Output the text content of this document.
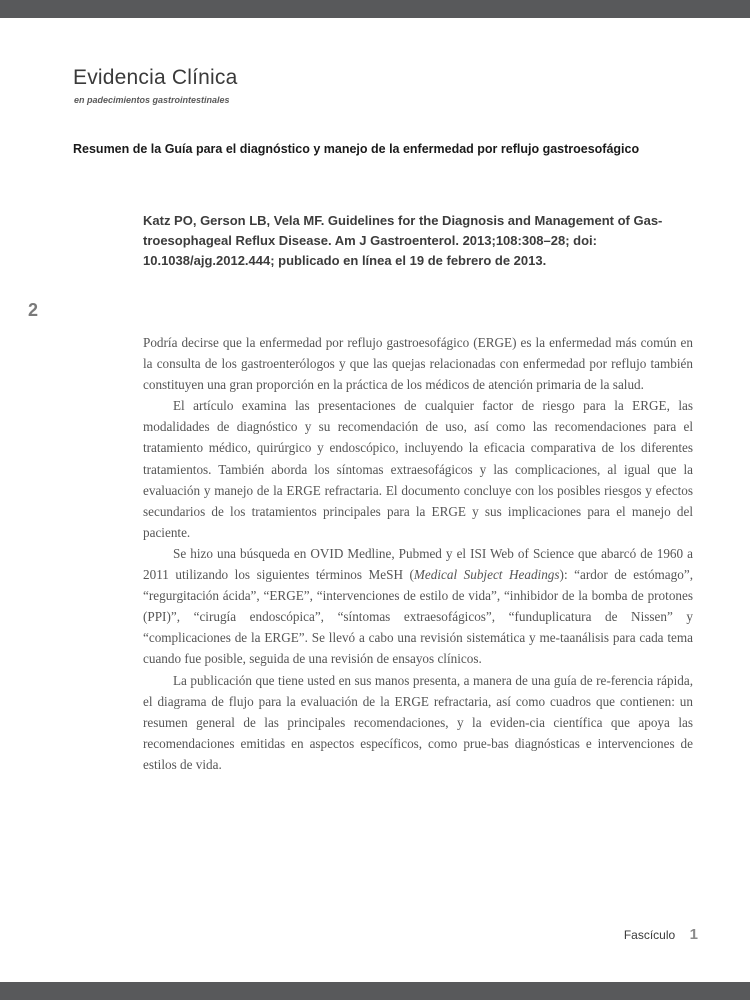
Evidencia Clínica
en padecimientos gastrointestinales
Resumen de la Guía para el diagnóstico y manejo de la enfermedad por reflujo gastroesofágico

Katz PO, Gerson LB, Vela MF. Guidelines for the Diagnosis and Management of Gas-troesophageal Reflux Disease. Am J Gastroenterol. 2013;108:308–28; doi: 10.1038/ajg.2012.444; publicado en línea el 19 de febrero de 2013.

2

Podría decirse que la enfermedad por reflujo gastroesofágico (ERGE) es la enfermedad más común en la consulta de los gastroenterólogos y que las quejas relacionadas con enfermedad por reflujo también constituyen una gran proporción en la práctica de los médicos de atención primaria de la salud.

El artículo examina las presentaciones de cualquier factor de riesgo para la ERGE, las modalidades de diagnóstico y su recomendación de uso, así como las recomendaciones para el tratamiento médico, quirúrgico y endoscópico, incluyendo la eficacia comparativa de los diferentes tratamientos. También aborda los síntomas extraesofágicos y las complicaciones, al igual que la evaluación y manejo de la ERGE refractaria. El documento concluye con los posibles riesgos y efectos secundarios de los tratamientos principales para la ERGE y sus implicaciones para el manejo del paciente.

Se hizo una búsqueda en OVID Medline, Pubmed y el ISI Web of Science que abarcó de 1960 a 2011 utilizando los siguientes términos MeSH (Medical Subject Headings): “ardor de estómago”, “regurgitación ácida”, “ERGE”, “intervenciones de estilo de vida”, “inhibidor de la bomba de protones (PPI)”, “cirugía endoscópica”, “síntomas extraesofágicos”, “funduplicatura de Nissen” y “complicaciones de la ERGE”. Se llevó a cabo una revisión sistemática y me-taanálisis para cada tema cuando fue posible, seguida de una revisión de ensayos clínicos.

La publicación que tiene usted en sus manos presenta, a manera de una guía de re-ferencia rápida, el diagrama de flujo para la evaluación de la ERGE refractaria, así como cuadros que contienen: un resumen general de las principales recomendaciones, y la eviden-cia científica que apoya las recomendaciones emitidas en aspectos específicos, como prue-bas diagnósticas e intervenciones de estilos de vida.

Fascículo 1
